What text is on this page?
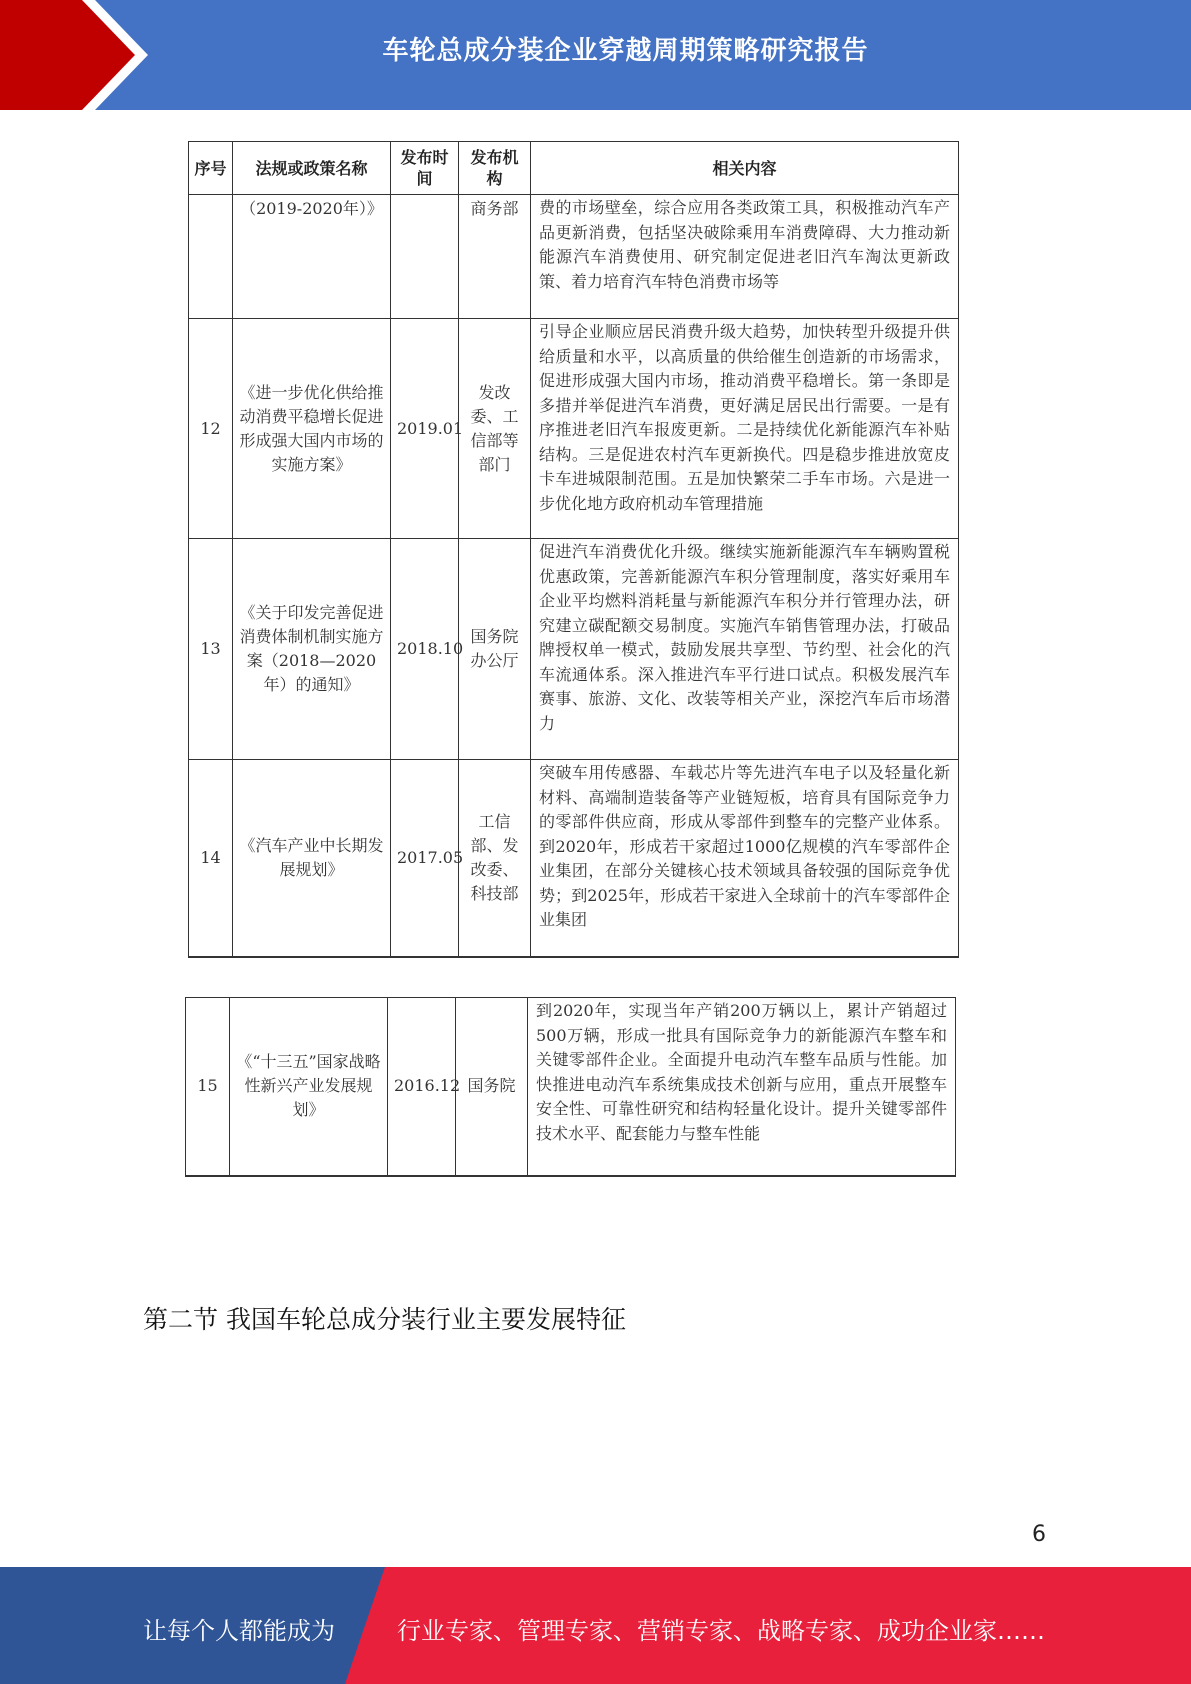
车轮总成分装企业穿越周期策略研究报告
序号	法规或政策名称	发布时间	发布机构	相关内容
	（2019-2020年）》		商务部	费的市场壁垒，综合应用各类政策工具，积极推动汽车产品更新消费，包括坚决破除乘用车消费障碍、大力推动新能源汽车消费使用、研究制定促进老旧汽车淘汰更新政策、着力培育汽车特色消费市场等
12	《进一步优化供给推动消费平稳增长促进形成强大国内市场的实施方案》	2019.01	发改委、工信部等部门	引导企业顺应居民消费升级大趋势，加快转型升级提升供给质量和水平，以高质量的供给催生创造新的市场需求，促进形成强大国内市场，推动消费平稳增长。第一条即是多措并举促进汽车消费，更好满足居民出行需要。一是有序推进老旧汽车报废更新。二是持续优化新能源汽车补贴结构。三是促进农村汽车更新换代。四是稳步推进放宽皮卡车进城限制范围。五是加快繁荣二手车市场。六是进一步优化地方政府机动车管理措施
13	《关于印发完善促进消费体制机制实施方案（2018—2020年）的通知》	2018.10	国务院办公厅	促进汽车消费优化升级。继续实施新能源汽车车辆购置税优惠政策，完善新能源汽车积分管理制度，落实好乘用车企业平均燃料消耗量与新能源汽车积分并行管理办法，研究建立碳配额交易制度。实施汽车销售管理办法，打破品牌授权单一模式，鼓励发展共享型、节约型、社会化的汽车流通体系。深入推进汽车平行进口试点。积极发展汽车赛事、旅游、文化、改装等相关产业，深挖汽车后市场潜力
14	《汽车产业中长期发展规划》	2017.05	工信部、发改委、科技部	突破车用传感器、车载芯片等先进汽车电子以及轻量化新材料、高端制造装备等产业链短板，培育具有国际竞争力的零部件供应商，形成从零部件到整车的完整产业体系。到2020年，形成若干家超过1000亿规模的汽车零部件企业集团，在部分关键核心技术领域具备较强的国际竞争优势；到2025年，形成若干家进入全球前十的汽车零部件企业集团
15	《“十三五”国家战略性新兴产业发展规划》	2016.12	国务院	到2020年，实现当年产销200万辆以上，累计产销超过500万辆，形成一批具有国际竞争力的新能源汽车整车和关键零部件企业。全面提升电动汽车整车品质与性能。加快推进电动汽车系统集成技术创新与应用，重点开展整车安全性、可靠性研究和结构轻量化设计。提升关键零部件技术水平、配套能力与整车性能
第二节 我国车轮总成分装行业主要发展特征
6
让每个人都能成为	行业专家、管理专家、营销专家、战略专家、成功企业家……
